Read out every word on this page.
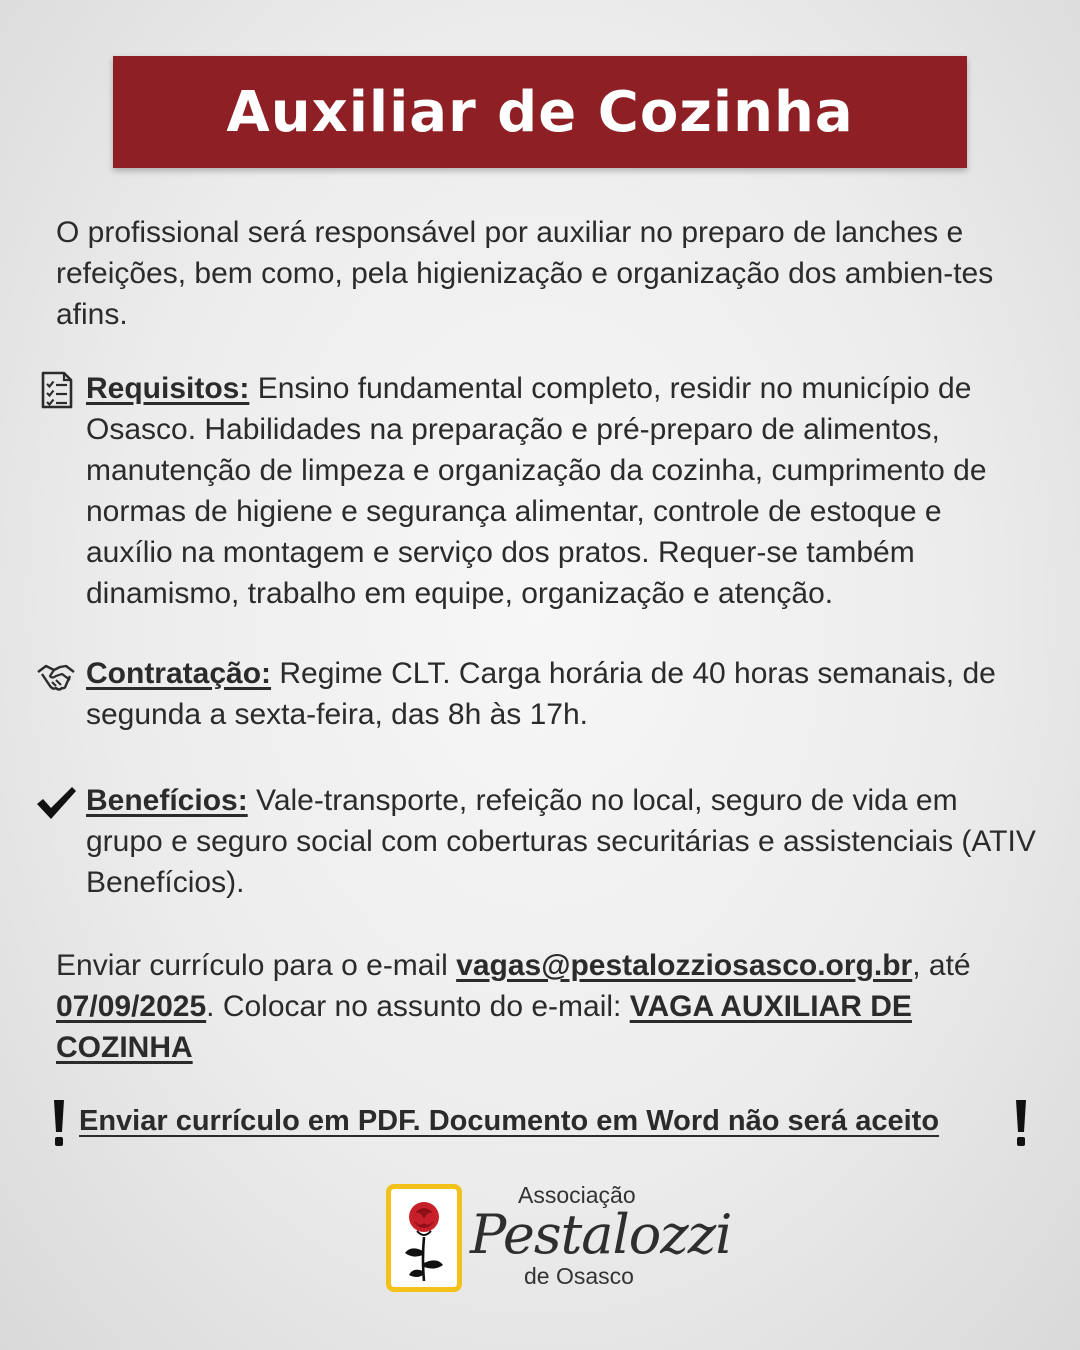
Auxiliar de Cozinha

O profissional será responsável por auxiliar no preparo de lanches e refeições, bem como, pela higienização e organização dos ambien-tes afins.

Requisitos: Ensino fundamental completo, residir no município de Osasco. Habilidades na preparação e pré-preparo de alimentos, manutenção de limpeza e organização da cozinha, cumprimento de normas de higiene e segurança alimentar, controle de estoque e auxílio na montagem e serviço dos pratos. Requer-se também dinamismo, trabalho em equipe, organização e atenção.

Contratação: Regime CLT. Carga horária de 40 horas semanais, de segunda a sexta-feira, das 8h às 17h.

Benefícios: Vale-transporte, refeição no local, seguro de vida em grupo e seguro social com coberturas securitárias e assistenciais (ATIV Benefícios).

Enviar currículo para o e-mail vagas@pestalozziosasco.org.br, até 07/09/2025. Colocar no assunto do e-mail: VAGA AUXILIAR DE COZINHA

Enviar currículo em PDF. Documento em Word não será aceito
Associação
Pestalozzi
de Osasco
